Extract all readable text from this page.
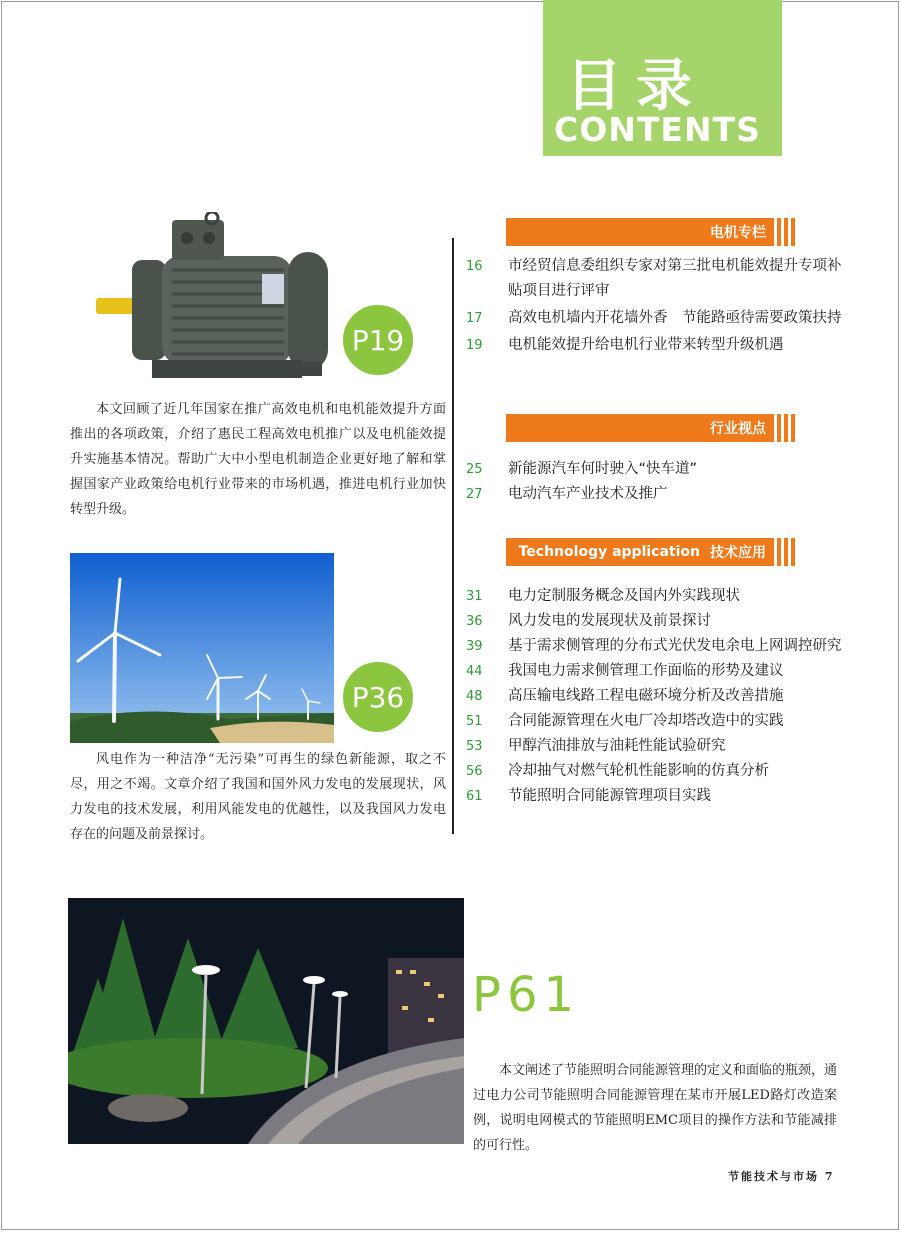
目录
CONTENTS
电机专栏
16	市经贸信息委组织专家对第三批电机能效提升专项补贴项目进行评审
17	高效电机墙内开花墙外香　节能路亟待需要政策扶持
19	电机能效提升给电机行业带来转型升级机遇
行业视点
25	新能源汽车何时驶入“快车道”
27	电动汽车产业技术及推广
Technology application 技术应用
31	电力定制服务概念及国内外实践现状
36	风力发电的发展现状及前景探讨
39	基于需求侧管理的分布式光伏发电余电上网调控研究
44	我国电力需求侧管理工作面临的形势及建议
48	高压输电线路工程电磁环境分析及改善措施
51	合同能源管理在火电厂冷却塔改造中的实践
53	甲醇汽油排放与油耗性能试验研究
56	冷却抽气对燃气轮机性能影响的仿真分析
61	节能照明合同能源管理项目实践
P19
本文回顾了近几年国家在推广高效电机和电机能效提升方面推出的各项政策，介绍了惠民工程高效电机推广以及电机能效提升实施基本情况。帮助广大中小型电机制造企业更好地了解和掌握国家产业政策给电机行业带来的市场机遇，推进电机行业加快转型升级。
P36
风电作为一种洁净“无污染”可再生的绿色新能源，取之不尽，用之不竭。文章介绍了我国和国外风力发电的发展现状，风力发电的技术发展，利用风能发电的优越性，以及我国风力发电存在的问题及前景探讨。
P61
本文阐述了节能照明合同能源管理的定义和面临的瓶颈，通过电力公司节能照明合同能源管理在某市开展LED路灯改造案例，说明电网模式的节能照明EMC项目的操作方法和节能减排的可行性。
节能技术与市场 7
